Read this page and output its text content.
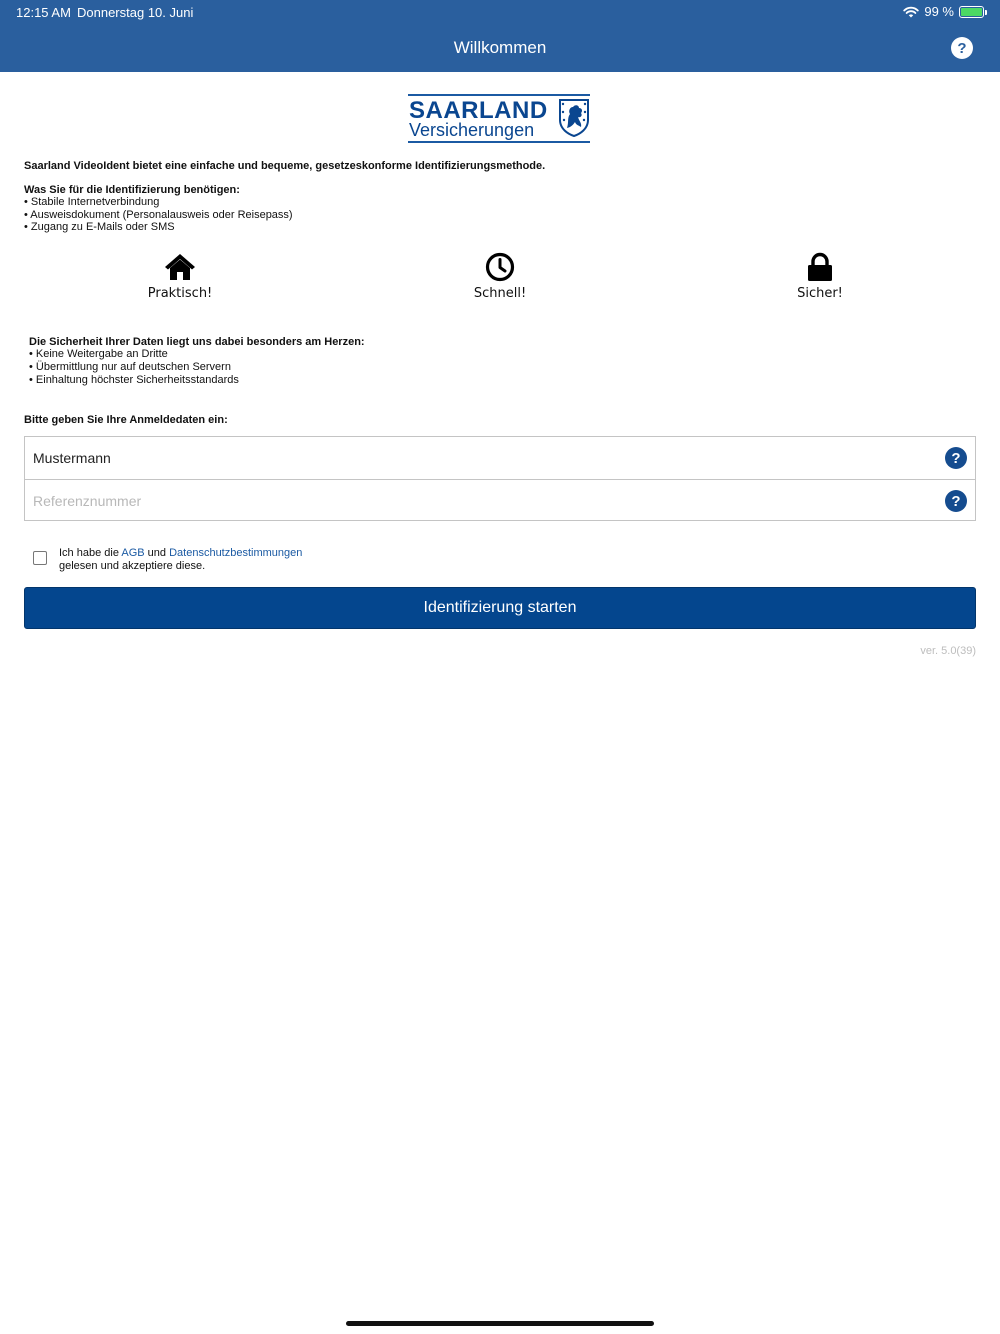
12:15 AM Donnerstag 10. Juni	99 %
Willkommen	?
SAARLAND
Versicherungen

Saarland VideoIdent bietet eine einfache und bequeme, gesetzeskonforme Identifizierungsmethode.

Was Sie für die Identifizierung benötigen:

• Stabile Internetverbindung
• Ausweisdokument (Personalausweis oder Reisepass)
• Zugang zu E-Mails oder SMS
Praktisch!	Schnell!	Sicher!

Die Sicherheit Ihrer Daten liegt uns dabei besonders am Herzen:

• Keine Weitergabe an Dritte
• Übermittlung nur auf deutschen Servern
• Einhaltung höchster Sicherheitsstandards

Bitte geben Sie Ihre Anmeldedaten ein:

Mustermann
?
Referenznummer
?
Ich habe die AGB und Datenschutzbestimmungen
gelesen und akzeptiere diese.
Identifizierung starten
ver. 5.0(39)
